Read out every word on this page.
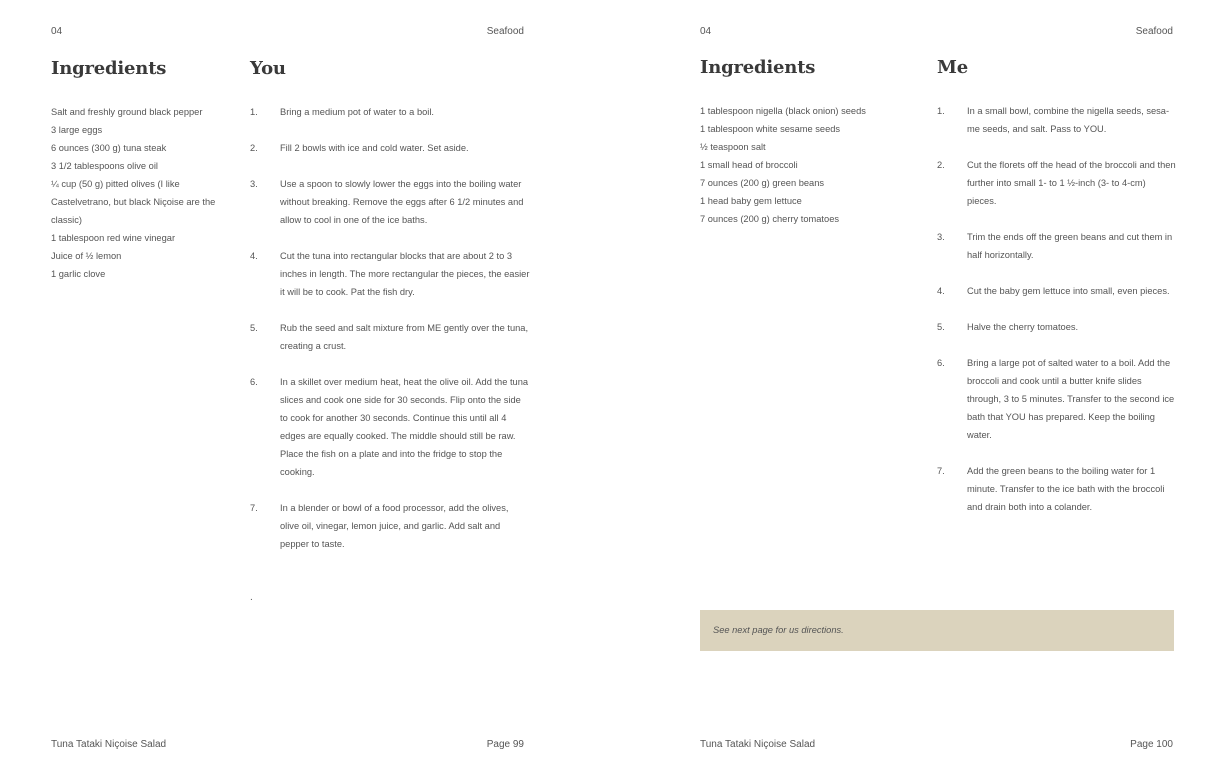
04	Seafood
Ingredients
Salt and freshly ground black pepper
3 large eggs
6 ounces (300 g) tuna steak
3 1/2 tablespoons olive oil
¼ cup (50 g) pitted olives (I like Castelvetrano, but black Niçoise are the classic)
1 tablespoon red wine vinegar
Juice of ½ lemon
1 garlic clove
You
1. Bring a medium pot of water to a boil.
2. Fill 2 bowls with ice and cold water. Set aside.
3. Use a spoon to slowly lower the eggs into the boiling water without breaking. Remove the eggs after 6 1/2 minutes and allow to cool in one of the ice baths.
4. Cut the tuna into rectangular blocks that are about 2 to 3 inches in length. The more rectangular the pieces, the easier it will be to cook. Pat the fish dry.
5. Rub the seed and salt mixture from ME gently over the tuna, creating a crust.
6. In a skillet over medium heat, heat the olive oil. Add the tuna slices and cook one side for 30 seconds. Flip onto the side to cook for another 30 seconds. Continue this until all 4 edges are equally cooked. The middle should still be raw. Place the fish on a plate and into the fridge to stop the cooking.
7. In a blender or bowl of a food processor, add the olives, olive oil, vinegar, lemon juice, and garlic. Add salt and pepper to taste.
.
Tuna Tataki Niçoise Salad	Page 99
04	Seafood
Ingredients
1 tablespoon nigella (black onion) seeds
1 tablespoon white sesame seeds
½ teaspoon salt
1 small head of broccoli
7 ounces (200 g) green beans
1 head baby gem lettuce
7 ounces (200 g) cherry tomatoes
Me
1. In a small bowl, combine the nigella seeds, sesa- me seeds, and salt. Pass to YOU.
2. Cut the florets off the head of the broccoli and then further into small 1- to 1 ½-inch (3- to 4-cm) pieces.
3. Trim the ends off the green beans and cut them in half horizontally.
4. Cut the baby gem lettuce into small, even pieces.
5. Halve the cherry tomatoes.
6. Bring a large pot of salted water to a boil. Add the broccoli and cook until a butter knife slides through, 3 to 5 minutes. Transfer to the second ice bath that YOU has prepared. Keep the boiling water.
7. Add the green beans to the boiling water for 1 minute. Transfer to the ice bath with the broccoli and drain both into a colander.
See next page for us directions.
Tuna Tataki Niçoise Salad	Page 100
